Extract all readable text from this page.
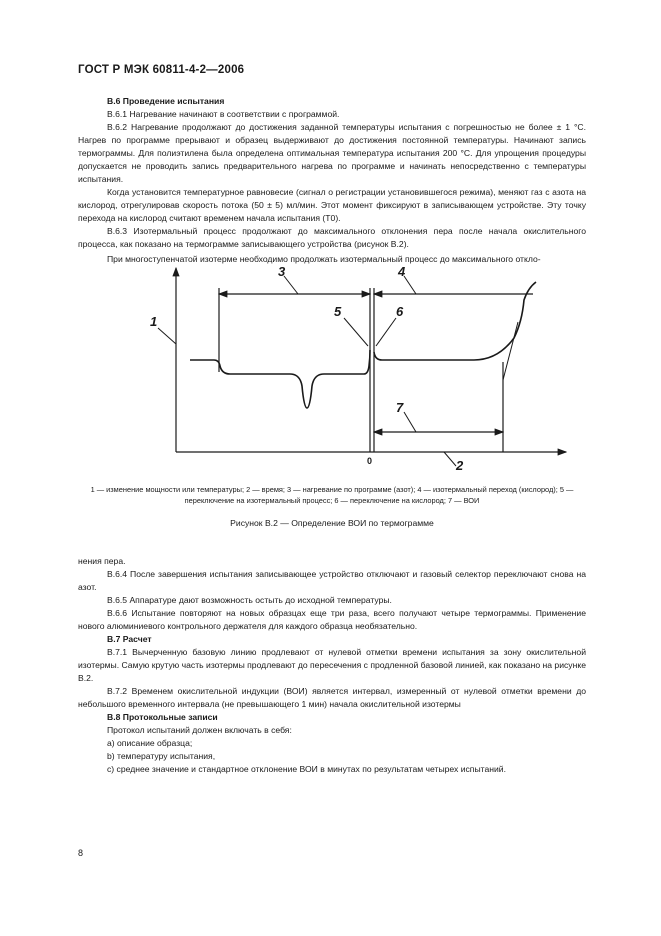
ГОСТ Р МЭК 60811-4-2—2006

В.6 Проведение испытания

В.6.1 Нагревание начинают в соответствии с программой.

В.6.2 Нагревание продолжают до достижения заданной температуры испытания с погрешностью не более ± 1 °С. Нагрев по программе прерывают и образец выдерживают до достижения постоянной температуры. Начинают запись термограммы. Для полиэтилена была определена оптимальная температура испытания 200 °С. Для упрощения процедуры допускается не проводить запись предварительного нагрева по программе и начинать непосредственно с температуры испытания.

Когда установится температурное равновесие (сигнал о регистрации установившегося режима), меняют газ с азота на кислород, отрегулировав скорость потока (50 ± 5) мл/мин. Этот момент фиксируют в записывающем устройстве. Эту точку перехода на кислород считают временем начала испытания (T0).

В.6.3 Изотермальный процесс продолжают до максимального отклонения пера после начала окислительного процесса, как показано на термограмме записывающего устройства (рисунок В.2).

При многоступенчатой изотерме необходимо продолжать изотермальный процесс до максимального откло-

1
3	4
5	6
7
2
0
1 — изменение мощности или температуры; 2 — время; 3 — нагревание по программе (азот); 4 — изотермальный переход (кислород); 5 — переключение на изотермальный процесс; 6 — переключение на кислород; 7 — ВОИ
Рисунок В.2 — Определение ВОИ по термограмме

нения пера.

В.6.4 После завершения испытания записывающее устройство отключают и газовый селектор переключают снова на азот.

В.6.5 Аппаратуре дают возможность остыть до исходной температуры.

В.6.6 Испытание повторяют на новых образцах еще три раза, всего получают четыре термограммы. Применение нового алюминиевого контрольного держателя для каждого образца необязательно.

В.7 Расчет

В.7.1 Вычерченную базовую линию продлевают от нулевой отметки времени испытания за зону окислительной изотермы. Самую крутую часть изотермы продлевают до пересечения с продленной базовой линией, как показано на рисунке В.2.

В.7.2 Временем окислительной индукции (ВОИ) является интервал, измеренный от нулевой отметки времени до небольшого временного интервала (не превышающего 1 мин) начала окислительной изотермы

В.8 Протокольные записи

Протокол испытаний должен включать в себя:

а) описание образца;

b) температуру испытания,

с) среднее значение и стандартное отклонение ВОИ в минутах по результатам четырех испытаний.

8
